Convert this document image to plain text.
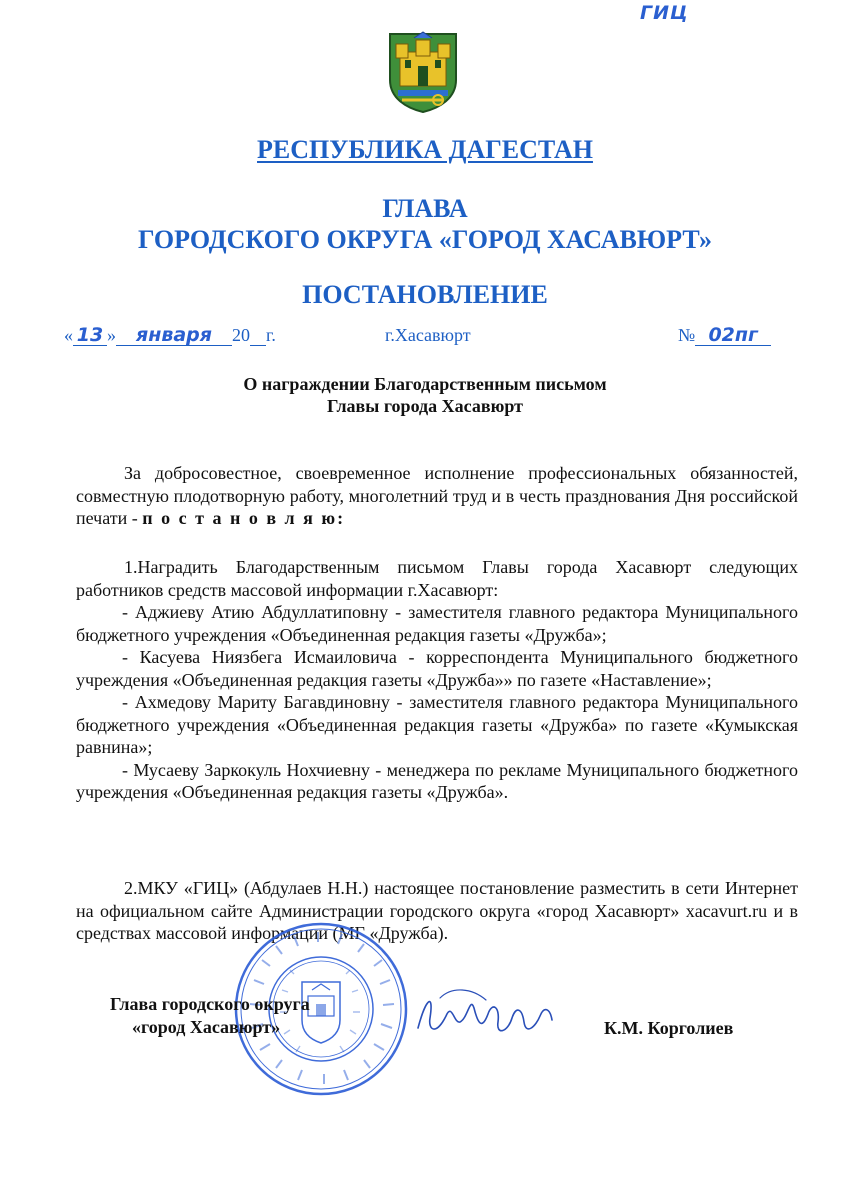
ГИЦ
РЕСПУБЛИКА ДАГЕСТАН
ГЛАВА
ГОРОДСКОГО ОКРУГА «ГОРОД ХАСАВЮРТ»
ПОСТАНОВЛЕНИЕ
« 13 » января 20 г.	г.Хасавюрт	№ 02пг
О награждении Благодарственным письмом
Главы города Хасавюрт

За добросовестное, своевременное исполнение профессиональных обязанностей, совместную плодотворную работу, многолетний труд и в честь празднования Дня российской печати - п о с т а н о в л я ю:

1.Наградить Благодарственным письмом Главы города Хасавюрт следующих работников средств массовой информации г.Хасавюрт:

- Аджиеву Атию Абдуллатиповну - заместителя главного редактора Муниципального бюджетного учреждения «Объединенная редакция газеты «Дружба»;

- Касуева Ниязбега Исмаиловича - корреспондента Муниципального бюджетного учреждения «Объединенная редакция газеты «Дружба»» по газете «Наставление»;

- Ахмедову Мариту Багавдиновну - заместителя главного редактора Муниципального бюджетного учреждения «Объединенная редакция газеты «Дружба» по газете «Кумыкская равнина»;

- Мусаеву Заркокуль Нохчиевну - менеджера по рекламе Муниципального бюджетного учреждения «Объединенная редакция газеты «Дружба».

2.МКУ «ГИЦ» (Абдулаев Н.Н.) настоящее постановление разместить в сети Интернет на официальном сайте Администрации городского округа «город Хасавюрт» xacavurt.ru и в средствах массовой информации (МГ «Дружба).

Глава городского округа
«город Хасавюрт»	К.М. Корголиев
